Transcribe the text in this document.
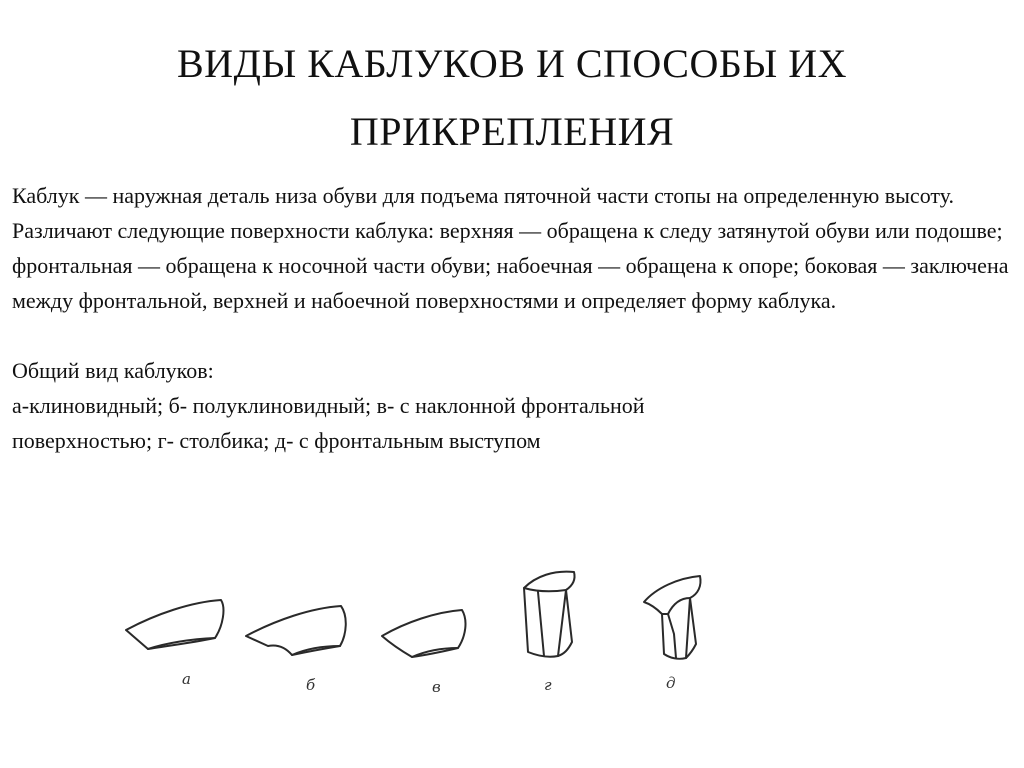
ВИДЫ КАБЛУКОВ И СПОСОБЫ ИХ
ПРИКРЕПЛЕНИЯ

Каблук — наружная деталь низа обуви для подъема пяточной части стопы на определенную высоту.

Различают следующие поверхности каблука: верхняя — обращена к следу затянутой обуви или подошве; фронтальная — обращена к носочной части обуви; набоечная — обращена к опоре; боковая — заключена между фронтальной, верхней и набоечной поверхностями и определяет форму каблука.

Общий вид каблуков:

а-клиновидный; б- полуклиновидный; в- с наклонной фронтальной

поверхностью; г- столбика; д- с фронтальным выступом

а	б	в	г	д
